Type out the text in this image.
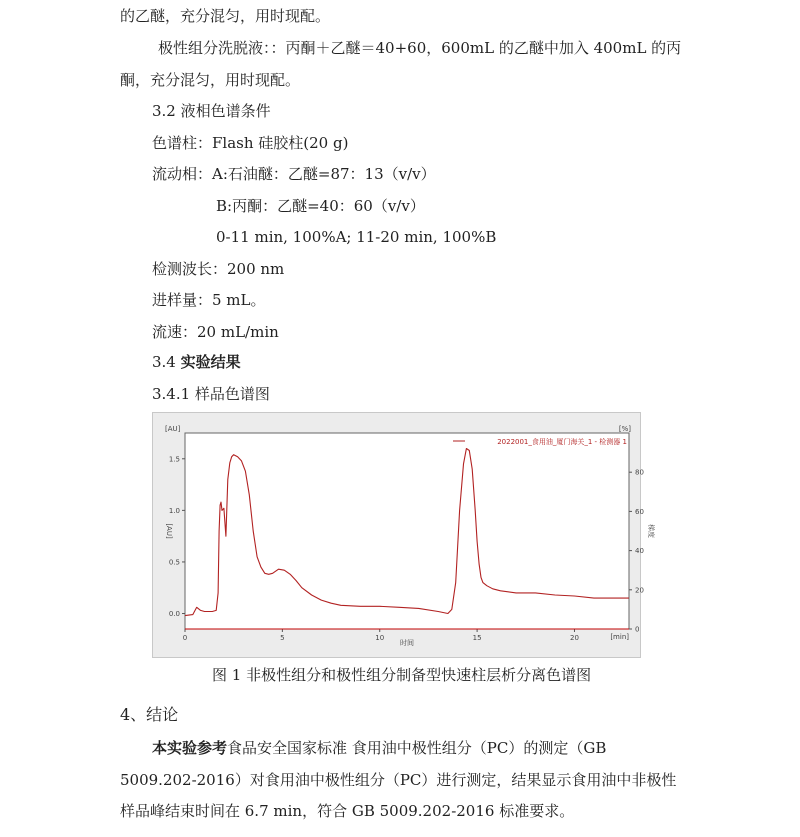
的乙醚，充分混匀，用时现配。
极性组分洗脱液：：丙酮＋乙醚＝40+60，600mL 的乙醚中加入 400mL 的丙
酮，充分混匀，用时现配。
3.2 液相色谱条件
色谱柱：Flash 硅胶柱(20 g)
流动相：A:石油醚：乙醚=87：13（v/v）
B:丙酮：乙醚=40：60（v/v）
0-11 min, 100%A; 11-20 min, 100%B
检测波长：200 nm
进样量：5 mL。
流速：20 mL/min
3.4 实验结果
3.4.1 样品色谱图
0	5	10	15	20
0.0
0.5
1.0
1.5
0
20
40
60
80
[AU]	[%]
[min]
时间
[AU]	梯度
2022001_食用油_厦门海关_1 - 检测器 1
图 1 非极性组分和极性组分制备型快速柱层析分离色谱图
4、结论
本实验参考食品安全国家标准 食用油中极性组分（PC）的测定（GB
5009.202-2016）对食用油中极性组分（PC）进行测定，结果显示食用油中非极性
样品峰结束时间在 6.7 min，符合 GB 5009.202-2016 标准要求。
